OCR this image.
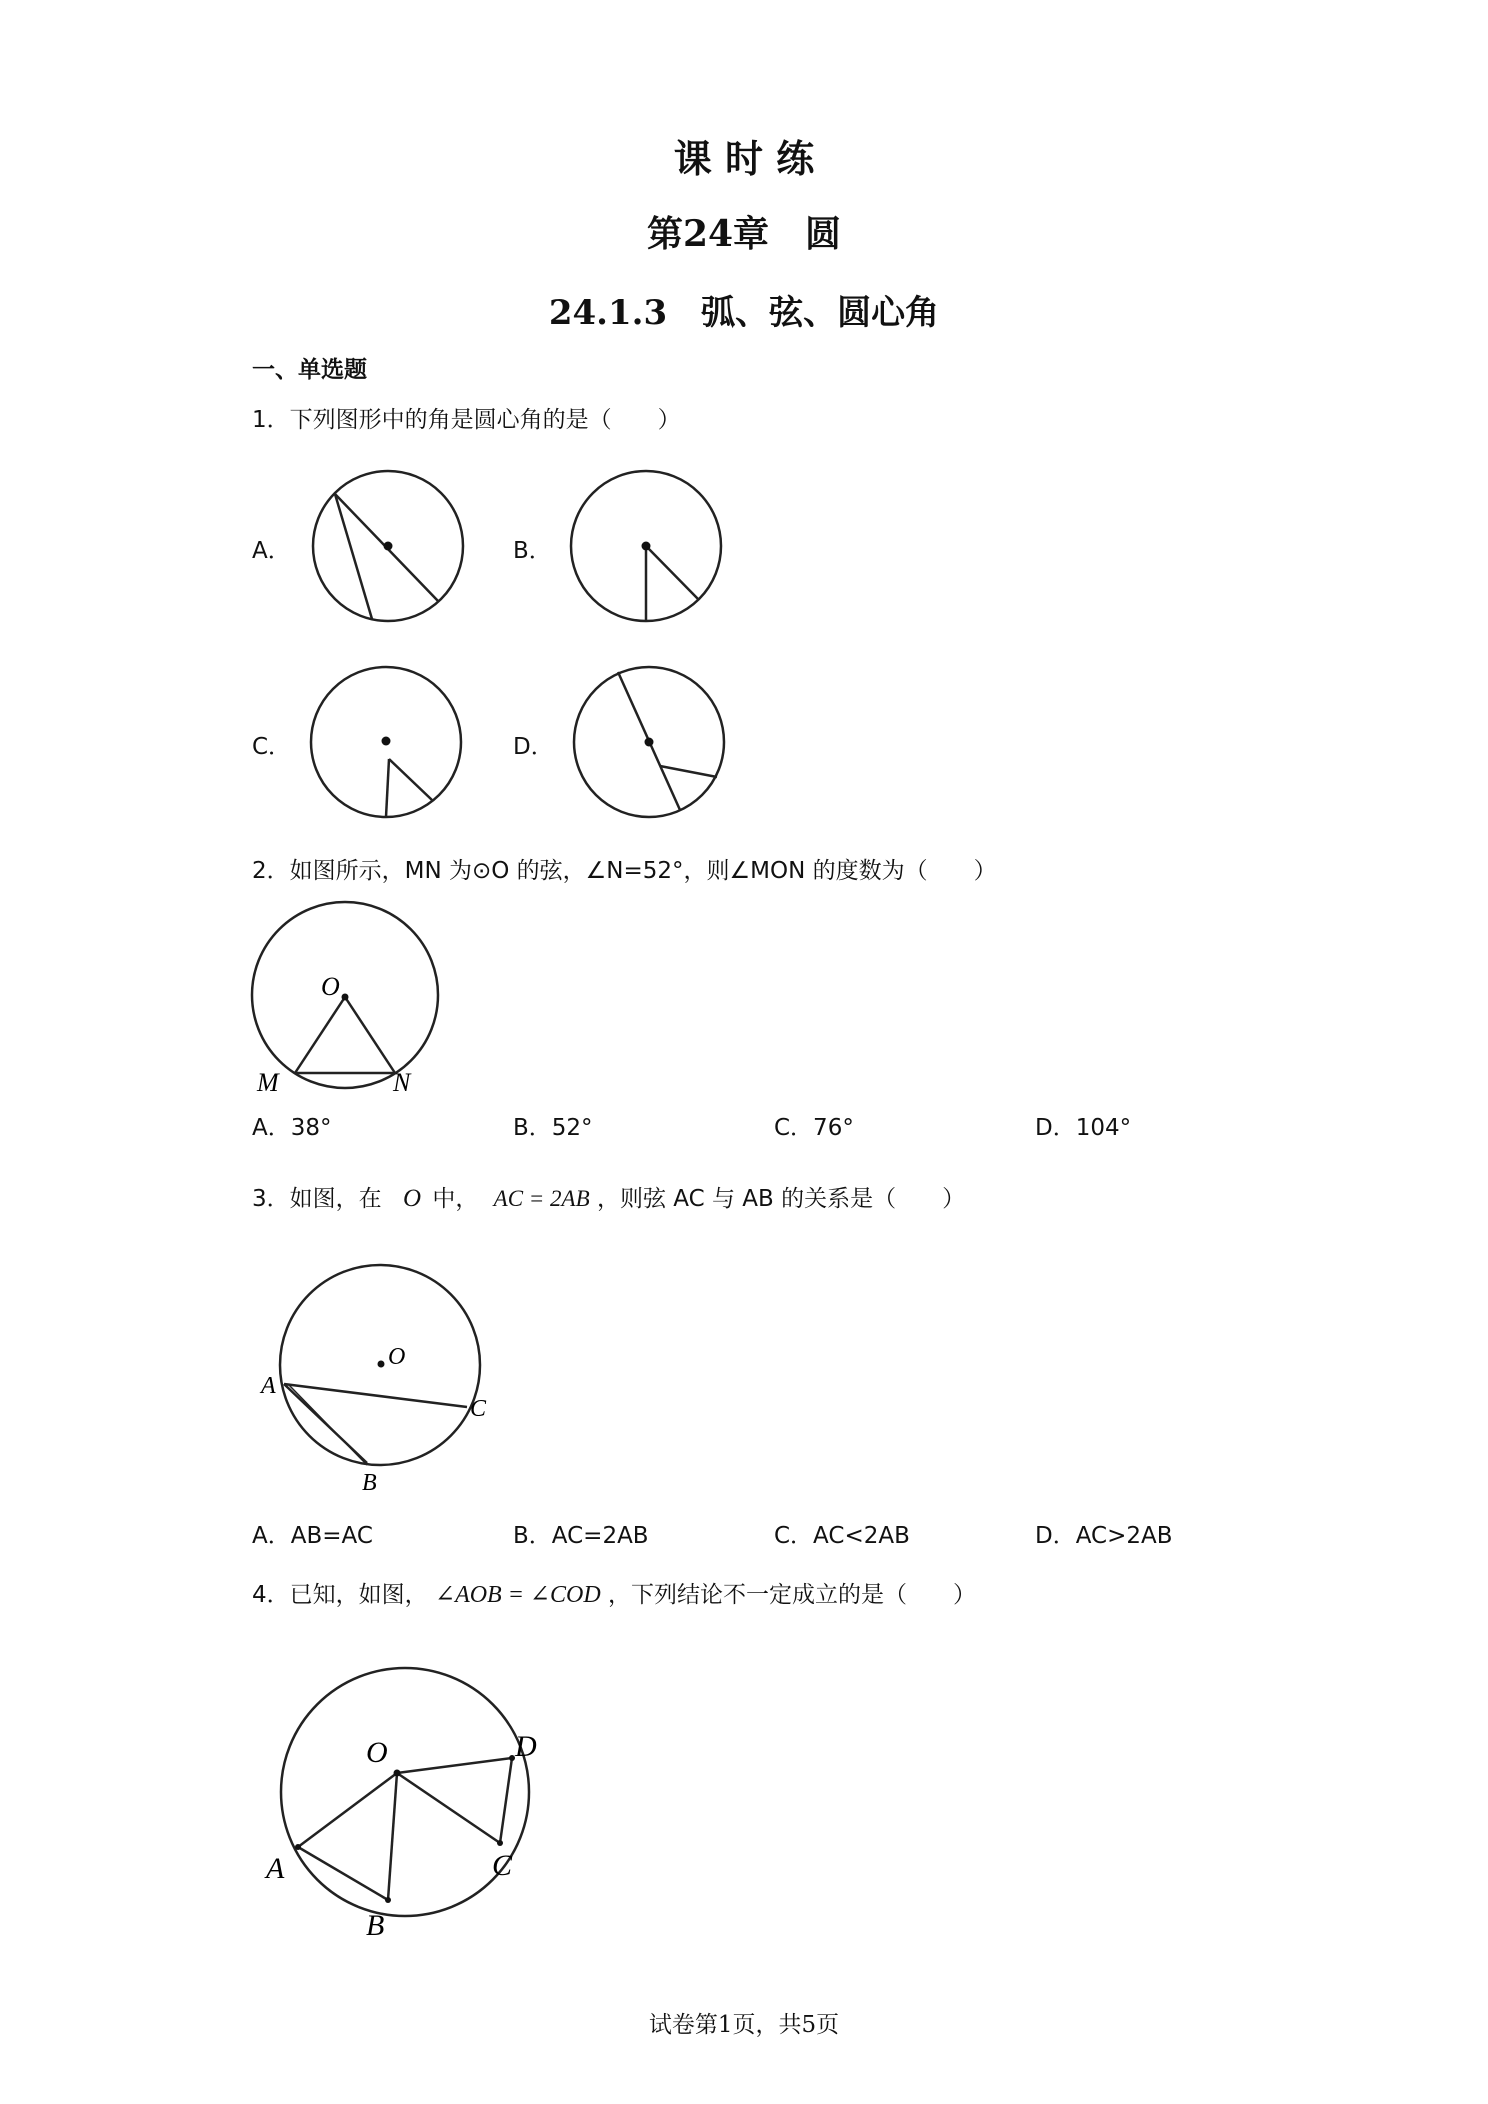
课 时 练
第24章　圆
24.1.3　弧、弦、圆心角
一、单选题
1．下列图形中的角是圆心角的是（　　）
A．	B．
C．	D．
2．如图所示，MN 为⊙O 的弦，∠N=52°，则∠MON 的度数为（　　）
O
M	N
A．38°	B．52°	C．76°	D．104°
3．如图，在 O 中， AC = 2AB ，则弦 AC 与 AB 的关系是（　　）
O
A
B
C
A．AB=AC	B．AC=2AB	C．AC<2AB	D．AC>2AB
4．已知，如图， ∠AOB = ∠COD ，下列结论不一定成立的是（　　）
O
A
B
C
D
试卷第1页，共5页
